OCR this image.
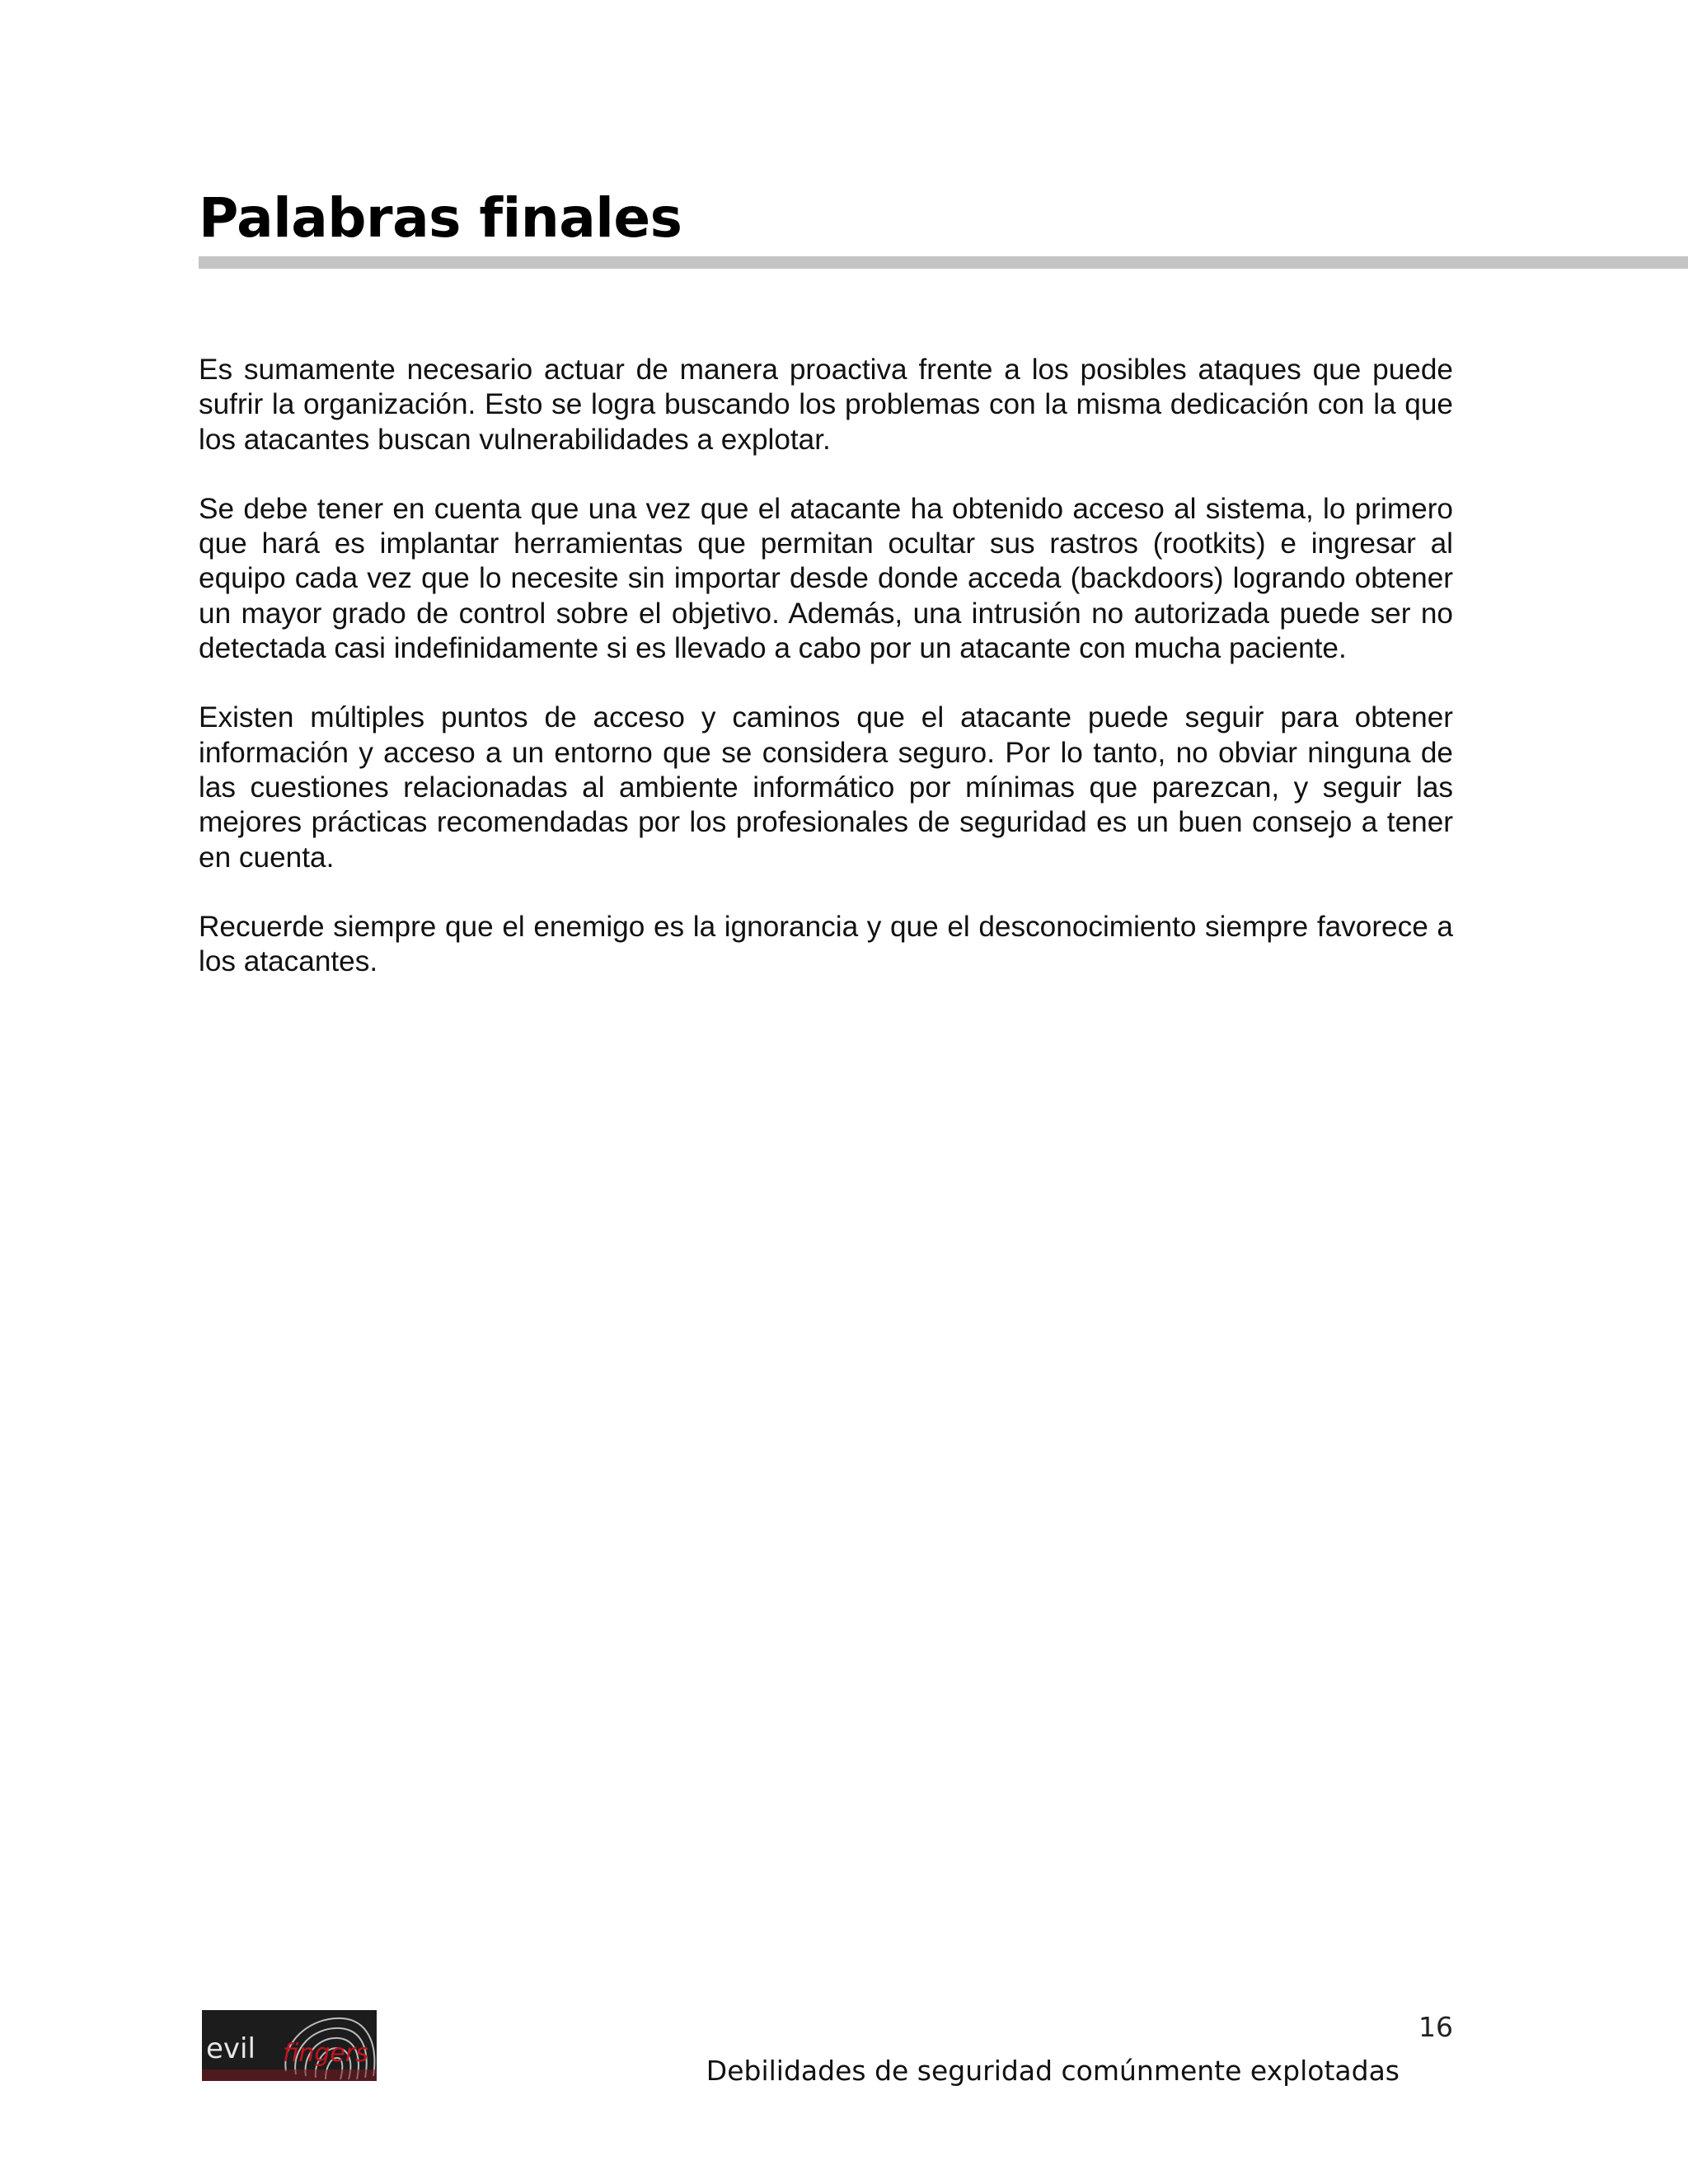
Palabras finales

Es sumamente necesario actuar de manera proactiva frente a los posibles ataques que puede sufrir la organización. Esto se logra buscando los problemas con la misma dedicación con la que los atacantes buscan vulnerabilidades a explotar.

Se debe tener en cuenta que una vez que el atacante ha obtenido acceso al sistema, lo primero que hará es implantar herramientas que permitan ocultar sus rastros (rootkits) e ingresar al equipo cada vez que lo necesite sin importar desde donde acceda (backdoors) logrando obtener un mayor grado de control sobre el objetivo. Además, una intrusión no autorizada puede ser no detectada casi indefinidamente si es llevado a cabo por un atacante con mucha paciente.

Existen múltiples puntos de acceso y caminos que el atacante puede seguir para obtener información y acceso a un entorno que se considera seguro. Por lo tanto, no obviar ninguna de las cuestiones relacionadas al ambiente informático por mínimas que parezcan, y seguir las mejores prácticas recomendadas por los profesionales de seguridad es un buen consejo a tener en cuenta.

Recuerde siempre que el enemigo es la ignorancia y que el desconocimiento siempre favorece a los atacantes.

evil fingers
16
Debilidades de seguridad comúnmente explotadas
